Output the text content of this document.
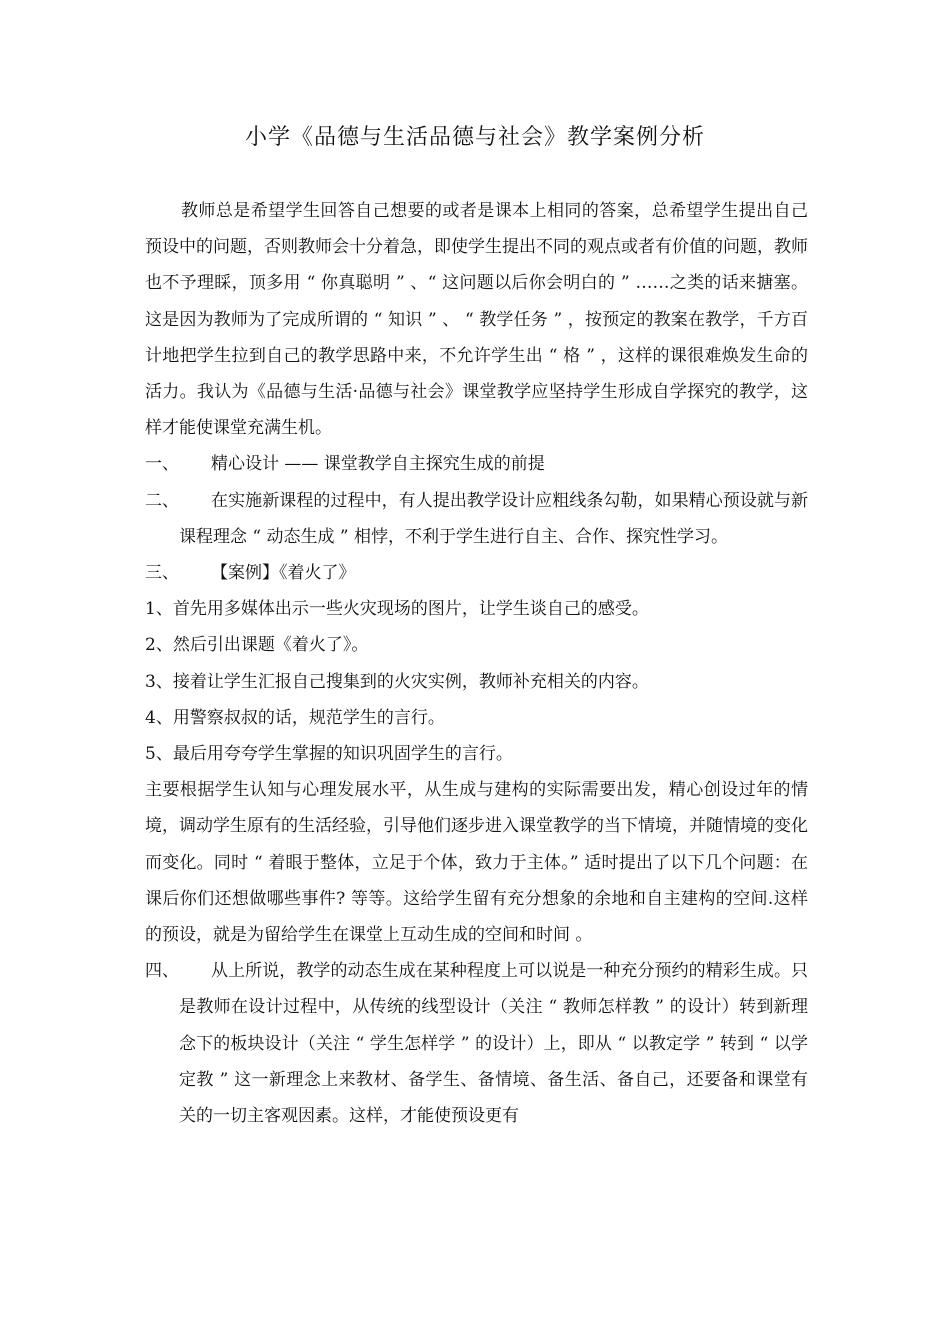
小学《品德与生活品德与社会》教学案例分析

教师总是希望学生回答自己想要的或者是课本上相同的答案，总希望学生提出自己预设中的问题，否则教师会十分着急，即使学生提出不同的观点或者有价值的问题，教师也不予理睬，顶多用 “ 你真聪明 ” 、“ 这问题以后你会明白的 ” ……之类的话来搪塞。这是因为教师为了完成所谓的 “ 知识 ” 、 “ 教学任务 ” ，按预定的教案在教学，千方百计地把学生拉到自己的教学思路中来，不允许学生出 “ 格 ” ，这样的课很难焕发生命的活力。我认为《品德与生活·品德与社会》课堂教学应坚持学生形成自学探究的教学，这样才能使课堂充满生机。

一、 精心设计 —— 课堂教学自主探究生成的前提

二、 在实施新课程的过程中，有人提出教学设计应粗线条勾勒，如果精心预设就与新课程理念 “ 动态生成 ” 相悖，不利于学生进行自主、合作、探究性学习。

三、 【案例】《着火了》

1、首先用多媒体出示一些火灾现场的图片，让学生谈自己的感受。

2、然后引出课题《着火了》。

3、接着让学生汇报自己搜集到的火灾实例，教师补充相关的内容。

4、用警察叔叔的话，规范学生的言行。

5、最后用夸夸学生掌握的知识巩固学生的言行。

主要根据学生认知与心理发展水平，从生成与建构的实际需要出发，精心创设过年的情境，调动学生原有的生活经验，引导他们逐步进入课堂教学的当下情境，并随情境的变化而变化。同时 “ 着眼于整体，立足于个体，致力于主体。” 适时提出了以下几个问题：在课后你们还想做哪些事件? 等等。这给学生留有充分想象的余地和自主建构的空间.这样的预设，就是为留给学生在课堂上互动生成的空间和时间 。

四、 从上所说，教学的动态生成在某种程度上可以说是一种充分预约的精彩生成。只是教师在设计过程中，从传统的线型设计（关注 “ 教师怎样教 ” 的设计）转到新理念下的板块设计（关注 “ 学生怎样学 ” 的设计）上，即从 “ 以教定学 ” 转到 “ 以学定教 ” 这一新理念上来教材、备学生、备情境、备生活、备自己，还要备和课堂有关的一切主客观因素。这样，才能使预设更有
